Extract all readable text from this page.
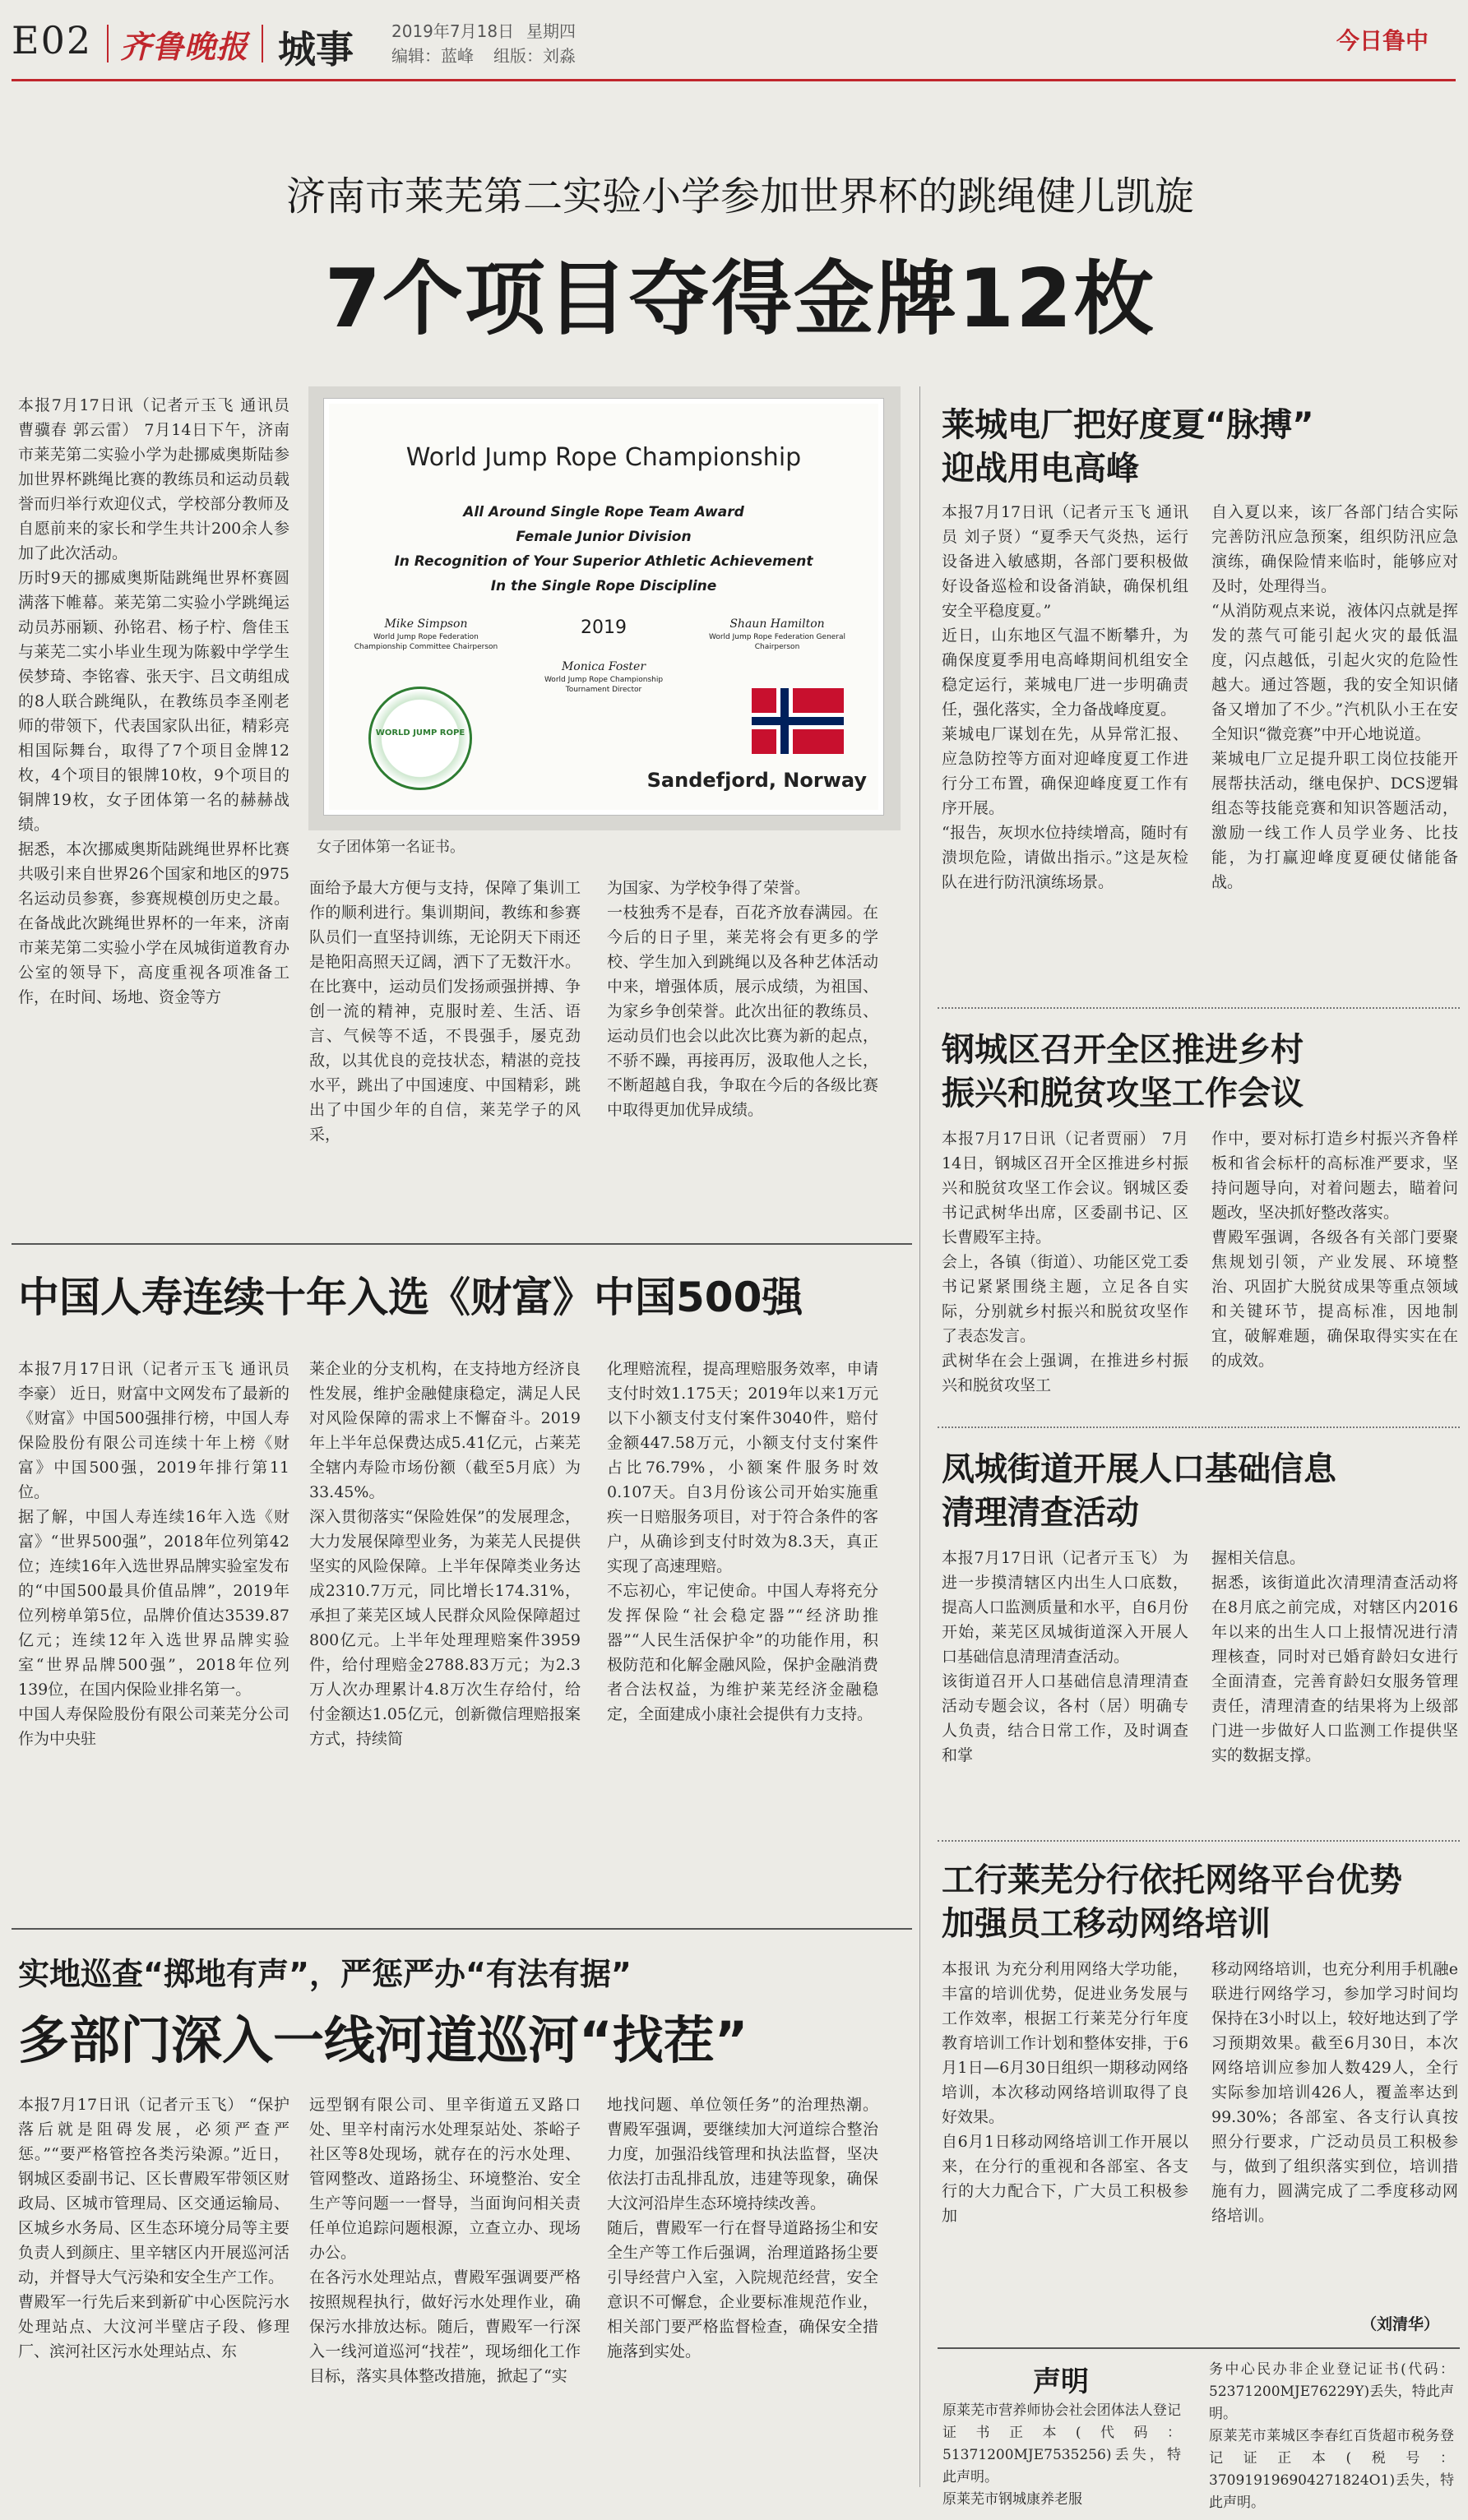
E02 齐鲁晚报 城事 2019年7月18日 星期四
编辑：蓝峰 组版：刘淼
今日鲁中
济南市莱芜第二实验小学参加世界杯的跳绳健儿凯旋
7个项目夺得金牌12枚
本报7月17日讯（记者亓玉飞 通讯员 曹骥春 郭云雷） 7月14日下午，济南市莱芜第二实验小学为赴挪威奥斯陆参加世界杯跳绳比赛的教练员和运动员载誉而归举行欢迎仪式，学校部分教师及自愿前来的家长和学生共计200余人参加了此次活动。
历时9天的挪威奥斯陆跳绳世界杯赛圆满落下帷幕。莱芜第二实验小学跳绳运动员苏丽颖、孙铭君、杨子柠、詹佳玉与莱芜二实小毕业生现为陈毅中学学生侯梦琦、李铭睿、张天宇、吕文萌组成的8人联合跳绳队，在教练员李圣刚老师的带领下，代表国家队出征，精彩亮相国际舞台，取得了7个项目金牌12枚，4个项目的银牌10枚，9个项目的铜牌19枚，女子团体第一名的赫赫战绩。
据悉，本次挪威奥斯陆跳绳世界杯比赛共吸引来自世界26个国家和地区的975名运动员参赛，参赛规模创历史之最。在备战此次跳绳世界杯的一年来，济南市莱芜第二实验小学在凤城街道教育办公室的领导下，高度重视各项准备工作，在时间、场地、资金等方
World Jump Rope Championship
All Around Single Rope Team Award
Female Junior Division
In Recognition of Your Superior Athletic Achievement
In the Single Rope Discipline
2019
Mike Simpson
World Jump Rope Federation Championship Committee Chairperson
Shaun Hamilton
World Jump Rope Federation General Chairperson
Monica Foster
World Jump Rope Championship Tournament Director
WORLD JUMP ROPE
Sandefjord, Norway
女子团体第一名证书。
面给予最大方便与支持，保障了集训工作的顺利进行。集训期间，教练和参赛队员们一直坚持训练，无论阴天下雨还是艳阳高照天辽阔，洒下了无数汗水。在比赛中，运动员们发扬顽强拼搏、争创一流的精神，克服时差、生活、语言、气候等不适，不畏强手，屡克劲敌，以其优良的竞技状态，精湛的竞技水平，跳出了中国速度、中国精彩，跳出了中国少年的自信，莱芜学子的风采，
为国家、为学校争得了荣誉。
一枝独秀不是春，百花齐放春满园。在今后的日子里，莱芜将会有更多的学校、学生加入到跳绳以及各种艺体活动中来，增强体质，展示成绩，为祖国、为家乡争创荣誉。此次出征的教练员、运动员们也会以此次比赛为新的起点，不骄不躁，再接再厉，汲取他人之长，不断超越自我，争取在今后的各级比赛中取得更加优异成绩。
莱城电厂把好度夏“脉搏”
迎战用电高峰
本报7月17日讯（记者亓玉飞 通讯员 刘子贤）“夏季天气炎热，运行设备进入敏感期，各部门要积极做好设备巡检和设备消缺，确保机组安全平稳度夏。”
近日，山东地区气温不断攀升，为确保度夏季用电高峰期间机组安全稳定运行，莱城电厂进一步明确责任，强化落实，全力备战峰度夏。
莱城电厂谋划在先，从异常汇报、应急防控等方面对迎峰度夏工作进行分工布置，确保迎峰度夏工作有序开展。
“报告，灰坝水位持续增高，随时有溃坝危险，请做出指示。”这是灰检队在进行防汛演练场景。
自入夏以来，该厂各部门结合实际完善防汛应急预案，组织防汛应急演练，确保险情来临时，能够应对及时，处理得当。
“从消防观点来说，液体闪点就是挥发的蒸气可能引起火灾的最低温度，闪点越低，引起火灾的危险性越大。通过答题，我的安全知识储备又增加了不少。”汽机队小王在安全知识“微竞赛”中开心地说道。
莱城电厂立足提升职工岗位技能开展帮扶活动，继电保护、DCS逻辑组态等技能竞赛和知识答题活动，激励一线工作人员学业务、比技能，为打赢迎峰度夏硬仗储能备战。
钢城区召开全区推进乡村
振兴和脱贫攻坚工作会议
本报7月17日讯（记者贾丽） 7月14日，钢城区召开全区推进乡村振兴和脱贫攻坚工作会议。钢城区委书记武树华出席，区委副书记、区长曹殿军主持。
会上，各镇（街道）、功能区党工委书记紧紧围绕主题，立足各自实际，分别就乡村振兴和脱贫攻坚作了表态发言。
武树华在会上强调，在推进乡村振兴和脱贫攻坚工
作中，要对标打造乡村振兴齐鲁样板和省会标杆的高标准严要求，坚持问题导向，对着问题去，瞄着问题改，坚决抓好整改落实。
曹殿军强调，各级各有关部门要聚焦规划引领，产业发展、环境整治、巩固扩大脱贫成果等重点领域和关键环节，提高标准，因地制宜，破解难题，确保取得实实在在的成效。
凤城街道开展人口基础信息
清理清查活动
本报7月17日讯（记者亓玉飞） 为进一步摸清辖区内出生人口底数，提高人口监测质量和水平，自6月份开始，莱芜区凤城街道深入开展人口基础信息清理清查活动。
该街道召开人口基础信息清理清查活动专题会议，各村（居）明确专人负责，结合日常工作，及时调查和掌
握相关信息。
据悉，该街道此次清理清查活动将在8月底之前完成，对辖区内2016年以来的出生人口上报情况进行清理核查，同时对已婚育龄妇女进行全面清查，完善育龄妇女服务管理责任，清理清查的结果将为上级部门进一步做好人口监测工作提供坚实的数据支撑。
工行莱芜分行依托网络平台优势
加强员工移动网络培训
本报讯 为充分利用网络大学功能，丰富的培训优势，促进业务发展与工作效率，根据工行莱芜分行年度教育培训工作计划和整体安排，于6月1日—6月30日组织一期移动网络培训，本次移动网络培训取得了良好效果。
自6月1日移动网络培训工作开展以来，在分行的重视和各部室、各支行的大力配合下，广大员工积极参加
移动网络培训，也充分利用手机融e联进行网络学习，参加学习时间均保持在3小时以上，较好地达到了学习预期效果。截至6月30日，本次网络培训应参加人数429人，全行实际参加培训426人，覆盖率达到99.30%；各部室、各支行认真按照分行要求，广泛动员员工积极参与，做到了组织落实到位，培训措施有力，圆满完成了二季度移动网络培训。
（刘清华）
声明
原莱芜市营养师协会社会团体法人登记证书正本(代码：51371200MJE7535256)丢失，特此声明。
原莱芜市钢城康养老服
务中心民办非企业登记证书(代码：52371200MJE76229Y)丢失，特此声明。
原莱芜市莱城区李春红百货超市税务登记证正本(税号：370919196904271824O1)丢失，特此声明。
中国人寿连续十年入选《财富》中国500强
本报7月17日讯（记者亓玉飞 通讯员 李豪） 近日，财富中文网发布了最新的《财富》中国500强排行榜，中国人寿保险股份有限公司连续十年上榜《财富》中国500强，2019年排行第11位。
据了解，中国人寿连续16年入选《财富》“世界500强”，2018年位列第42位；连续16年入选世界品牌实验室发布的“中国500最具价值品牌”，2019年位列榜单第5位，品牌价值达3539.87亿元；连续12年入选世界品牌实验室“世界品牌500强”，2018年位列139位，在国内保险业排名第一。
中国人寿保险股份有限公司莱芜分公司作为中央驻
莱企业的分支机构，在支持地方经济良性发展，维护金融健康稳定，满足人民对风险保障的需求上不懈奋斗。2019年上半年总保费达成5.41亿元，占莱芜全辖内寿险市场份额（截至5月底）为33.45%。
深入贯彻落实“保险姓保”的发展理念，大力发展保障型业务，为莱芜人民提供坚实的风险保障。上半年保障类业务达成2310.7万元，同比增长174.31%，承担了莱芜区域人民群众风险保障超过800亿元。上半年处理理赔案件3959件，给付理赔金2788.83万元；为2.3万人次办理累计4.8万次生存给付，给付金额达1.05亿元，创新微信理赔报案方式，持续简
化理赔流程，提高理赔服务效率，申请支付时效1.175天；2019年以来1万元以下小额支付支付案件3040件，赔付金额447.58万元，小额支付支付案件占比76.79%，小额案件服务时效0.107天。自3月份该公司开始实施重疾一日赔服务项目，对于符合条件的客户，从确诊到支付时效为8.3天，真正实现了高速理赔。
不忘初心，牢记使命。中国人寿将充分发挥保险“社会稳定器”“经济助推器”“人民生活保护伞”的功能作用，积极防范和化解金融风险，保护金融消费者合法权益，为维护莱芜经济金融稳定，全面建成小康社会提供有力支持。
实地巡查“掷地有声”，严惩严办“有法有据”
多部门深入一线河道巡河“找茬”
本报7月17日讯（记者亓玉飞） “保护落后就是阻碍发展，必须严查严惩。”“要严格管控各类污染源。”近日，钢城区委副书记、区长曹殿军带领区财政局、区城市管理局、区交通运输局、区城乡水务局、区生态环境分局等主要负责人到颜庄、里辛辖区内开展巡河活动，并督导大气污染和安全生产工作。
曹殿军一行先后来到新矿中心医院污水处理站点、大汶河半壁店子段、修理厂、滨河社区污水处理站点、东
远型钢有限公司、里辛街道五叉路口处、里辛村南污水处理泵站处、茶峪子社区等8处现场，就存在的污水处理、管网整改、道路扬尘、环境整治、安全生产等问题一一督导，当面询问相关责任单位追踪问题根源，立查立办、现场办公。
在各污水处理站点，曹殿军强调要严格按照规程执行，做好污水处理作业，确保污水排放达标。随后，曹殿军一行深入一线河道巡河“找茬”，现场细化工作目标，落实具体整改措施，掀起了“实
地找问题、单位领任务”的治理热潮。曹殿军强调，要继续加大河道综合整治力度，加强沿线管理和执法监督，坚决依法打击乱排乱放，违建等现象，确保大汶河沿岸生态环境持续改善。
随后，曹殿军一行在督导道路扬尘和安全生产等工作后强调，治理道路扬尘要引导经营户入室，入院规范经营，安全意识不可懈怠，企业要标准规范作业，相关部门要严格监督检查，确保安全措施落到实处。
